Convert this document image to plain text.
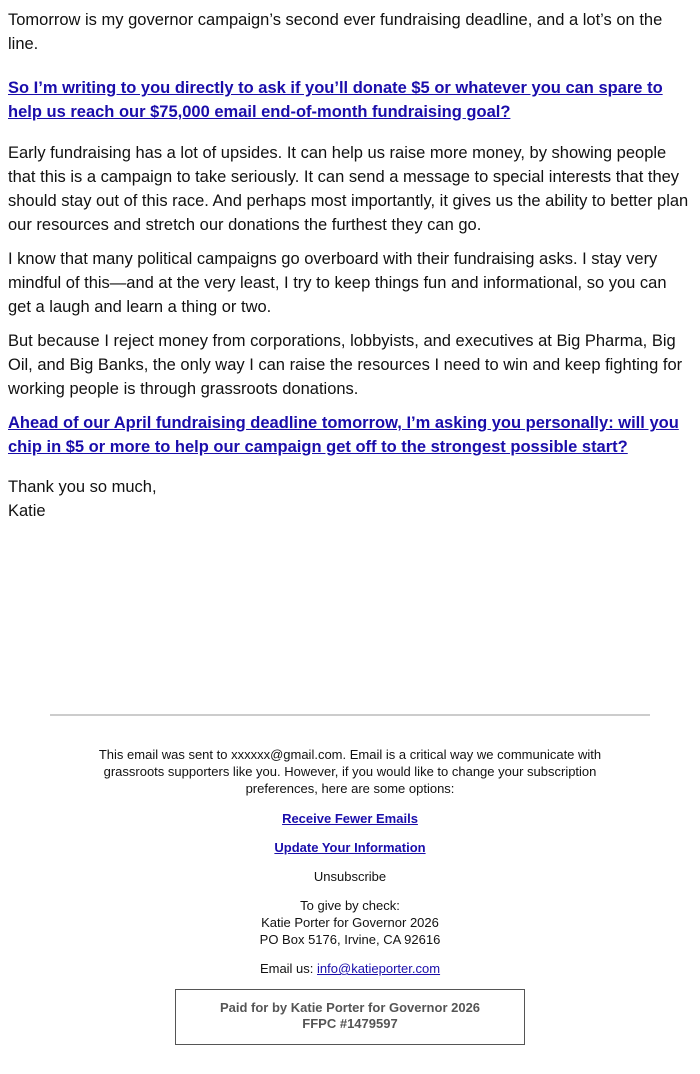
Tomorrow is my governor campaign’s second ever fundraising deadline, and a lot’s on the line.

So I’m writing to you directly to ask if you’ll donate $5 or whatever you can spare to help us reach our $75,000 email end-of-month fundraising goal?

Early fundraising has a lot of upsides. It can help us raise more money, by showing people that this is a campaign to take seriously. It can send a message to special interests that they should stay out of this race. And perhaps most importantly, it gives us the ability to better plan our resources and stretch our donations the furthest they can go.

I know that many political campaigns go overboard with their fundraising asks. I stay very mindful of this—and at the very least, I try to keep things fun and informational, so you can get a laugh and learn a thing or two.

But because I reject money from corporations, lobbyists, and executives at Big Pharma, Big Oil, and Big Banks, the only way I can raise the resources I need to win and keep fighting for working people is through grassroots donations.

Ahead of our April fundraising deadline tomorrow, I’m asking you personally: will you chip in $5 or more to help our campaign get off to the strongest possible start?

Thank you so much,

Katie

This email was sent to xxxxxx@gmail.com. Email is a critical way we communicate with grassroots supporters like you. However, if you would like to change your subscription preferences, here are some options:
Receive Fewer Emails
Update Your Information
Unsubscribe
To give by check:
Katie Porter for Governor 2026
PO Box 5176, Irvine, CA 92616
Email us: info@katieporter.com
Paid for by Katie Porter for Governor 2026
FFPC #1479597
